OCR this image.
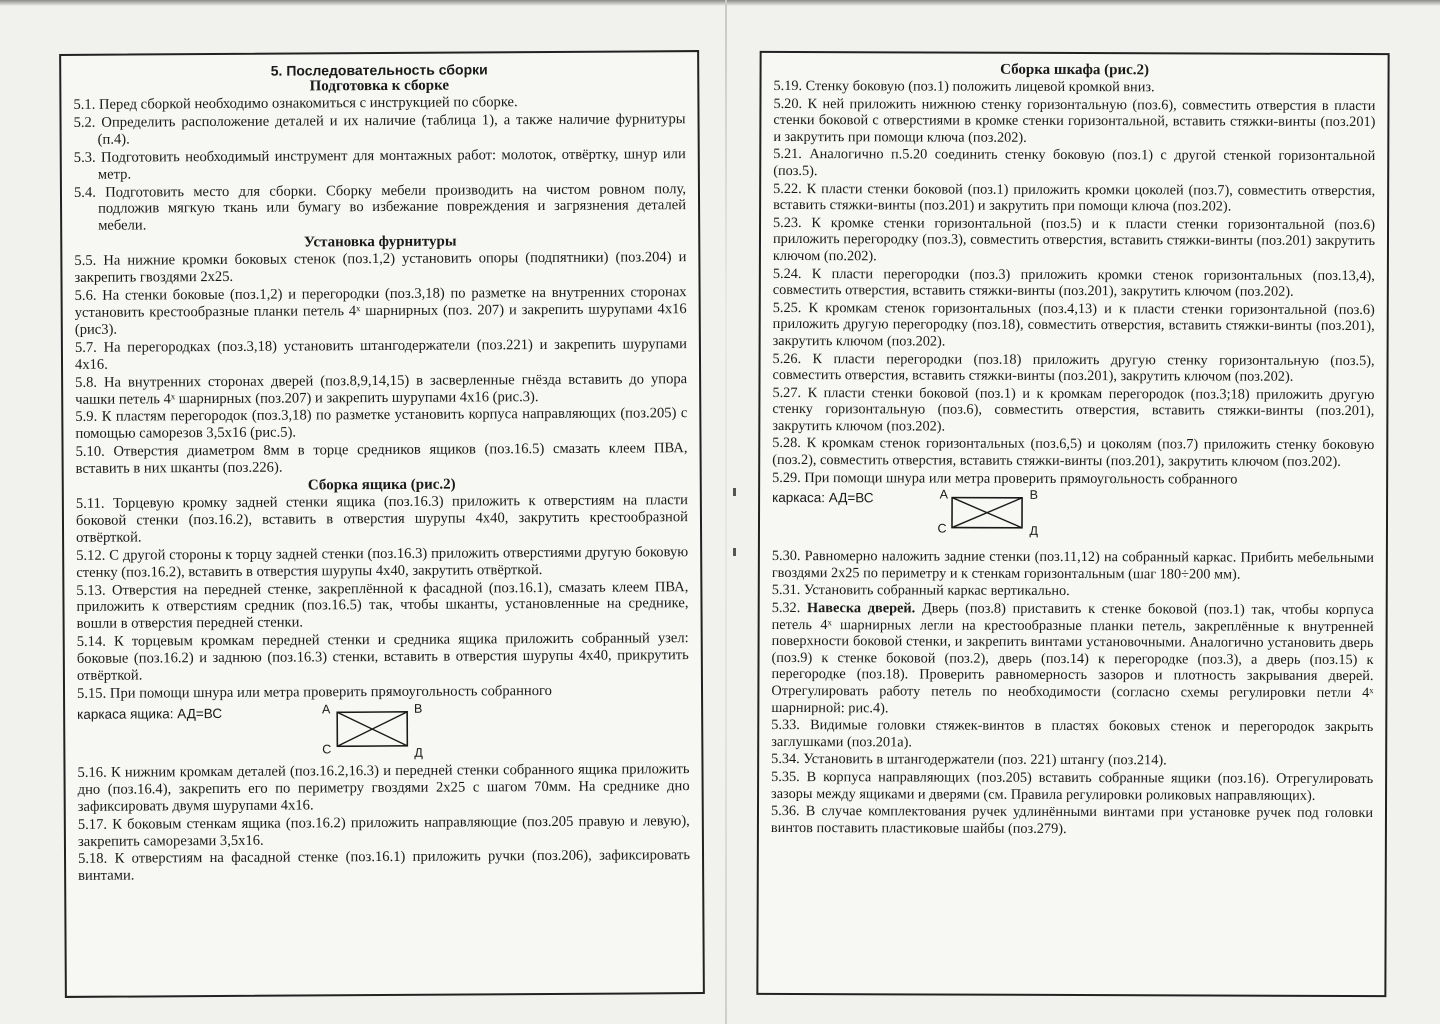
5. Последовательность сборки
Подготовка к сборке
5.1. Перед сборкой необходимо ознакомиться с инструкцией по сборке.
5.2. Определить расположение деталей и их наличие (таблица 1), а также наличие фурнитуры (п.4).
5.3. Подготовить необходимый инструмент для монтажных работ: молоток, отвёртку, шнур или метр.
5.4. Подготовить место для сборки. Сборку мебели производить на чистом ровном полу, подложив мягкую ткань или бумагу во избежание повреждения и загрязнения деталей мебели.
Установка фурнитуры
5.5. На нижние кромки боковых стенок (поз.1,2) установить опоры (подпятники) (поз.204) и закрепить гвоздями 2x25.
5.6. На стенки боковые (поз.1,2) и перегородки (поз.3,18) по разметке на внутренних сторонах установить крестообразные планки петель 4ˣ шарнирных (поз. 207) и закрепить шурупами 4x16 (рис3).
5.7. На перегородках (поз.3,18) установить штангодержатели (поз.221) и закрепить шурупами 4x16.
5.8. На внутренних сторонах дверей (поз.8,9,14,15) в засверленные гнёзда вставить до упора чашки петель 4ˣ шарнирных (поз.207) и закрепить шурупами 4x16 (рис.3).
5.9. К пластям перегородок (поз.3,18) по разметке установить корпуса направляющих (поз.205) с помощью саморезов 3,5x16 (рис.5).
5.10. Отверстия диаметром 8мм в торце средников ящиков (поз.16.5) смазать клеем ПВА, вставить в них шканты (поз.226).
Сборка ящика (рис.2)
5.11. Торцевую кромку задней стенки ящика (поз.16.3) приложить к отверстиям на пласти боковой стенки (поз.16.2), вставить в отверстия шурупы 4x40, закрутить крестообразной отвёрткой.
5.12. С другой стороны к торцу задней стенки (поз.16.3) приложить отверстиями другую боковую стенку (поз.16.2), вставить в отверстия шурупы 4x40, закрутить отвёрткой.
5.13. Отверстия на передней стенке, закреплённой к фасадной (поз.16.1), смазать клеем ПВА, приложить к отверстиям средник (поз.16.5) так, чтобы шканты, установленные на среднике, вошли в отверстия передней стенки.
5.14. К торцевым кромкам передней стенки и средника ящика приложить собранный узел: боковые (поз.16.2) и заднюю (поз.16.3) стенки, вставить в отверстия шурупы 4x40, прикрутить отвёрткой.
5.15. При помощи шнура или метра проверить прямоугольность собранного
каркаса ящика: АД=ВС	А	В
С	Д
5.16. К нижним кромкам деталей (поз.16.2,16.3) и передней стенки собранного ящика приложить дно (поз.16.4), закрепить его по периметру гвоздями 2x25 с шагом 70мм. На среднике дно зафиксировать двумя шурупами 4x16.
5.17. К боковым стенкам ящика (поз.16.2) приложить направляющие (поз.205 правую и левую), закрепить саморезами 3,5x16.
5.18. К отверстиям на фасадной стенке (поз.16.1) приложить ручки (поз.206), зафиксировать винтами.
Сборка шкафа (рис.2)
5.19. Стенку боковую (поз.1) положить лицевой кромкой вниз.
5.20. К ней приложить нижнюю стенку горизонтальную (поз.6), совместить отверстия в пласти стенки боковой с отверстиями в кромке стенки горизонтальной, вставить стяжки-винты (поз.201) и закрутить при помощи ключа (поз.202).
5.21. Аналогично п.5.20 соединить стенку боковую (поз.1) с другой стенкой горизонтальной (поз.5).
5.22. К пласти стенки боковой (поз.1) приложить кромки цоколей (поз.7), совместить отверстия, вставить стяжки-винты (поз.201) и закрутить при помощи ключа (поз.202).
5.23. К кромке стенки горизонтальной (поз.5) и к пласти стенки горизонтальной (поз.6) приложить перегородку (поз.3), совместить отверстия, вставить стяжки-винты (поз.201) закрутить ключом (по.202).
5.24. К пласти перегородки (поз.3) приложить кромки стенок горизонтальных (поз.13,4), совместить отверстия, вставить стяжки-винты (поз.201), закрутить ключом (поз.202).
5.25. К кромкам стенок горизонтальных (поз.4,13) и к пласти стенки горизонтальной (поз.6) приложить другую перегородку (поз.18), совместить отверстия, вставить стяжки-винты (поз.201), закрутить ключом (поз.202).
5.26. К пласти перегородки (поз.18) приложить другую стенку горизонтальную (поз.5), совместить отверстия, вставить стяжки-винты (поз.201), закрутить ключом (поз.202).
5.27. К пласти стенки боковой (поз.1) и к кромкам перегородок (поз.3;18) приложить другую стенку горизонтальную (поз.6), совместить отверстия, вставить стяжки-винты (поз.201), закрутить ключом (поз.202).
5.28. К кромкам стенок горизонтальных (поз.6,5) и цоколям (поз.7) приложить стенку боковую (поз.2), совместить отверстия, вставить стяжки-винты (поз.201), закрутить ключом (поз.202).
5.29. При помощи шнура или метра проверить прямоугольность собранного
каркаса: АД=ВС	А	В
С	Д
5.30. Равномерно наложить задние стенки (поз.11,12) на собранный каркас. Прибить мебельными гвоздями 2x25 по периметру и к стенкам горизонтальным (шаг 180÷200 мм).
5.31. Установить собранный каркас вертикально.
5.32. Навеска дверей. Дверь (поз.8) приставить к стенке боковой (поз.1) так, чтобы корпуса петель 4ˣ шарнирных легли на крестообразные планки петель, закреплённые к внутренней поверхности боковой стенки, и закрепить винтами установочными. Аналогично установить дверь (поз.9) к стенке боковой (поз.2), дверь (поз.14) к перегородке (поз.3), а дверь (поз.15) к перегородке (поз.18). Проверить равномерность зазоров и плотность закрывания дверей. Отрегулировать работу петель по необходимости (согласно схемы регулировки петли 4ˣ шарнирной: рис.4).
5.33. Видимые головки стяжек-винтов в пластях боковых стенок и перегородок закрыть заглушками (поз.201а).
5.34. Установить в штангодержатели (поз. 221) штангу (поз.214).
5.35. В корпуса направляющих (поз.205) вставить собранные ящики (поз.16). Отрегулировать зазоры между ящиками и дверями (см. Правила регулировки роликовых направляющих).
5.36. В случае комплектования ручек удлинёнными винтами при установке ручек под головки винтов поставить пластиковые шайбы (поз.279).
